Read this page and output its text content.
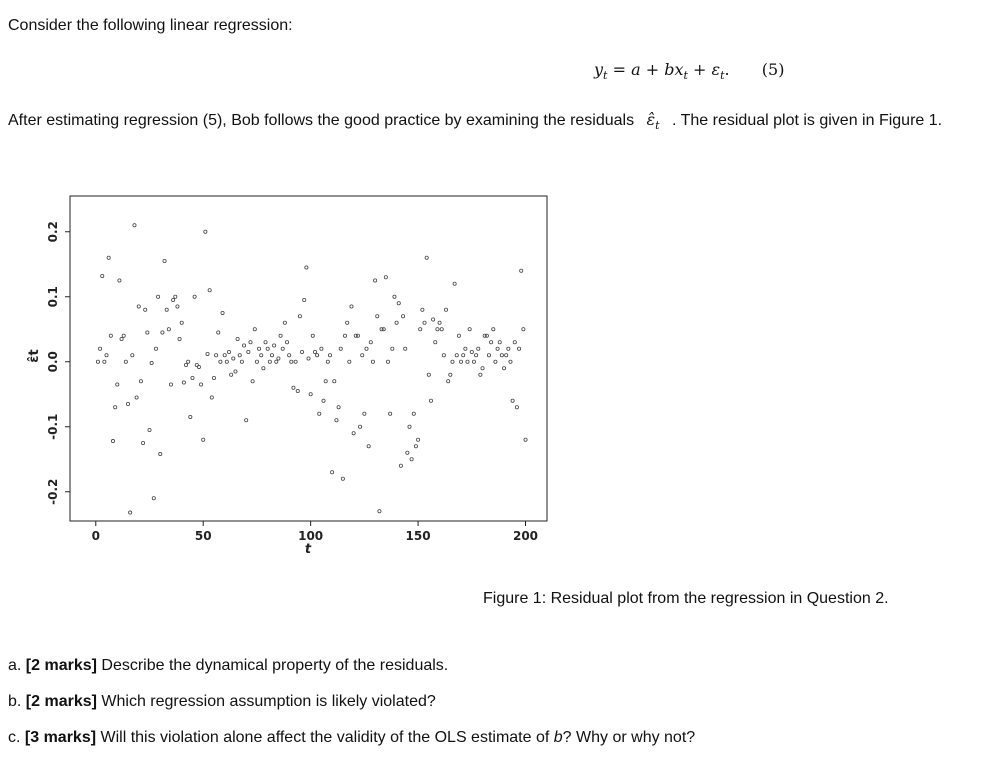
Consider the following linear regression:
$y_t = a + bx_t + \varepsilon_t$. (5)
After estimating regression (5), Bob follows the good practice by examining the residuals $\varepsilon̂_t$ . The residual plot is given in Figure 1.
0	50	100	150	200
-0.2
-0.1
0.0
0.1
0.2
t
ε̂t
Figure 1: Residual plot from the regression in Question 2.
a. [2 marks] Describe the dynamical property of the residuals.
b. [2 marks] Which regression assumption is likely violated?
c. [3 marks] Will this violation alone affect the validity of the OLS estimate of b? Why or why not?
